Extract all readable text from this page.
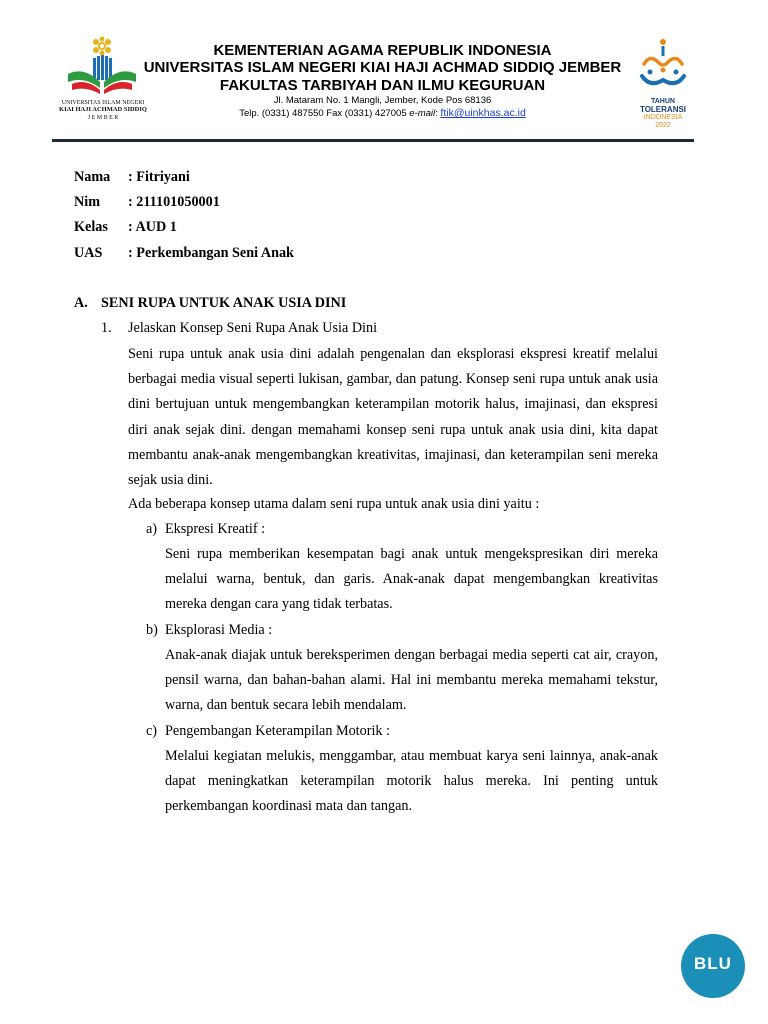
UNIVERSITAS ISLAM NEGERI
KIAI HAJI ACHMAD SIDDIQ
J E M B E R
KEMENTERIAN AGAMA REPUBLIK INDONESIA
UNIVERSITAS ISLAM NEGERI KIAI HAJI ACHMAD SIDDIQ JEMBER
FAKULTAS TARBIYAH DAN ILMU KEGURUAN
Jl. Mataram No. 1 Mangli, Jember, Kode Pos 68136
Telp. (0331) 487550 Fax (0331) 427005 e-mail: ftik@uinkhas.ac.id
TAHUN
TOLERANSI
INDONESIA
2022
Nama : Fitriyani
Nim : 211101050001
Kelas : AUD 1
UAS : Perkembangan Seni Anak
A. SENI RUPA UNTUK ANAK USIA DINI
1. Jelaskan Konsep Seni Rupa Anak Usia Dini
Seni rupa untuk anak usia dini adalah pengenalan dan eksplorasi ekspresi kreatif melalui berbagai media visual seperti lukisan, gambar, dan patung. Konsep seni rupa untuk anak usia dini bertujuan untuk mengembangkan keterampilan motorik halus, imajinasi, dan ekspresi diri anak sejak dini. dengan memahami konsep seni rupa untuk anak usia dini, kita dapat membantu anak-anak mengembangkan kreativitas, imajinasi, dan keterampilan seni mereka sejak usia dini.
Ada beberapa konsep utama dalam seni rupa untuk anak usia dini yaitu :
a) Ekspresi Kreatif :
Seni rupa memberikan kesempatan bagi anak untuk mengekspresikan diri mereka melalui warna, bentuk, dan garis. Anak-anak dapat mengembangkan kreativitas mereka dengan cara yang tidak terbatas.
b) Eksplorasi Media :
Anak-anak diajak untuk bereksperimen dengan berbagai media seperti cat air, crayon, pensil warna, dan bahan-bahan alami. Hal ini membantu mereka memahami tekstur, warna, dan bentuk secara lebih mendalam.
c) Pengembangan Keterampilan Motorik :
Melalui kegiatan melukis, menggambar, atau membuat karya seni lainnya, anak-anak dapat meningkatkan keterampilan motorik halus mereka. Ini penting untuk perkembangan koordinasi mata dan tangan.
BLU
